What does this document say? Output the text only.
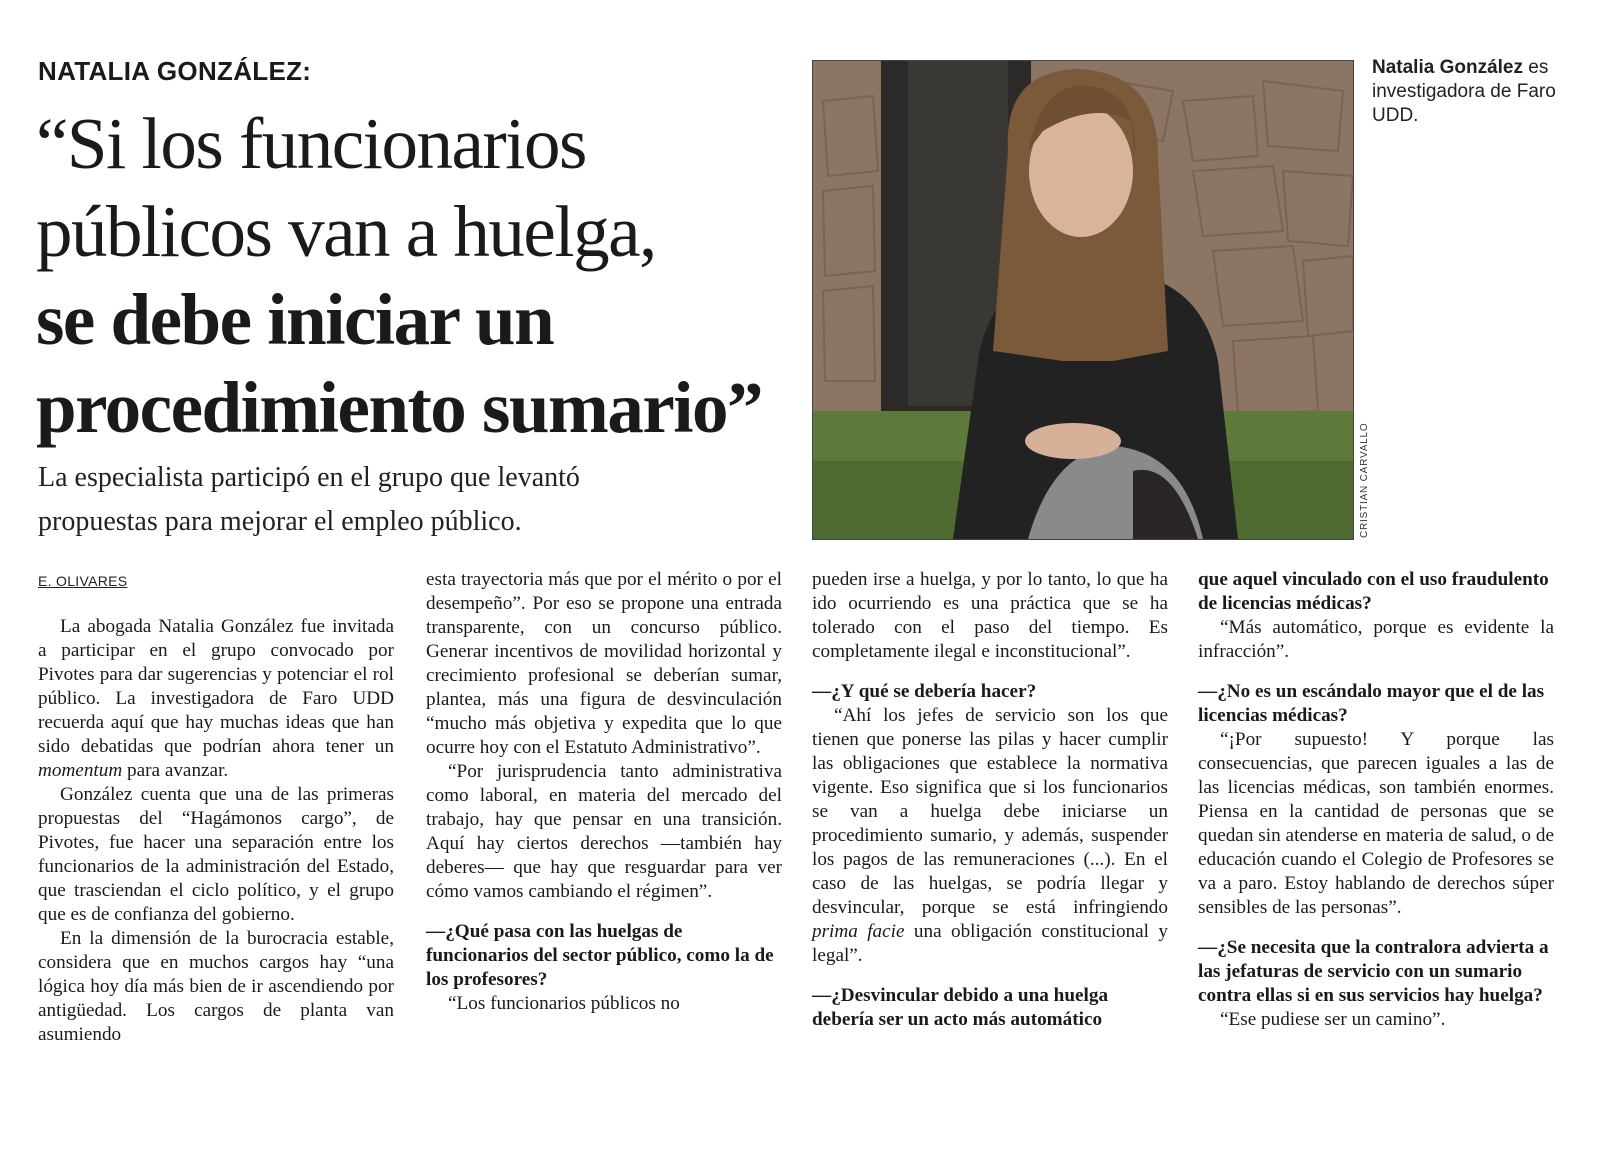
NATALIA GONZÁLEZ:
“Si los funcionarios
públicos van a huelga,
se debe iniciar un
procedimiento sumario”
La especialista participó en el grupo que levantó
propuestas para mejorar el empleo público.	CRISTIAN CARVALLO
Natalia González es investigadora de Faro UDD.
E. OLIVARES

La abogada Natalia González fue invitada a participar en el grupo convocado por Pivotes para dar sugerencias y potenciar el rol público. La investigadora de Faro UDD recuerda aquí que hay muchas ideas que han sido debatidas que podrían ahora tener un momentum para avanzar.

González cuenta que una de las primeras propuestas del “Hagámonos cargo”, de Pivotes, fue hacer una separación entre los funcionarios de la administración del Estado, que trasciendan el ciclo político, y el grupo que es de confianza del gobierno.

En la dimensión de la burocracia estable, considera que en muchos cargos hay “una lógica hoy día más bien de ir ascendiendo por antigüedad. Los cargos de planta van asumiendo

esta trayectoria más que por el mérito o por el desempeño”. Por eso se propone una entrada transparente, con un concurso público. Generar incentivos de movilidad horizontal y crecimiento profesional se deberían sumar, plantea, más una figura de desvinculación “mucho más objetiva y expedita que lo que ocurre hoy con el Estatuto Administrativo”.

“Por jurisprudencia tanto administrativa como laboral, en materia del mercado del trabajo, hay que pensar en una transición. Aquí hay ciertos derechos —también hay deberes— que hay que resguardar para ver cómo vamos cambiando el régimen”.

—¿Qué pasa con las huelgas de funcionarios del sector público, como la de los profesores?

“Los funcionarios públicos no

pueden irse a huelga, y por lo tanto, lo que ha ido ocurriendo es una práctica que se ha tolerado con el paso del tiempo. Es completamente ilegal e inconstitucional”.

—¿Y qué se debería hacer?

“Ahí los jefes de servicio son los que tienen que ponerse las pilas y hacer cumplir las obligaciones que establece la normativa vigente. Eso significa que si los funcionarios se van a huelga debe iniciarse un procedimiento sumario, y además, suspender los pagos de las remuneraciones (...). En el caso de las huelgas, se podría llegar y desvincular, porque se está infringiendo prima facie una obligación constitucional y legal”.

—¿Desvincular debido a una huelga debería ser un acto más automático

que aquel vinculado con el uso fraudulento de licencias médicas?

“Más automático, porque es evidente la infracción”.

—¿No es un escándalo mayor que el de las licencias médicas?

“¡Por supuesto! Y porque las consecuencias, que parecen iguales a las de las licencias médicas, son también enormes. Piensa en la cantidad de personas que se quedan sin atenderse en materia de salud, o de educación cuando el Colegio de Profesores se va a paro. Estoy hablando de derechos súper sensibles de las personas”.

—¿Se necesita que la contralora advierta a las jefaturas de servicio con un sumario contra ellas si en sus servicios hay huelga?

“Ese pudiese ser un camino”.
